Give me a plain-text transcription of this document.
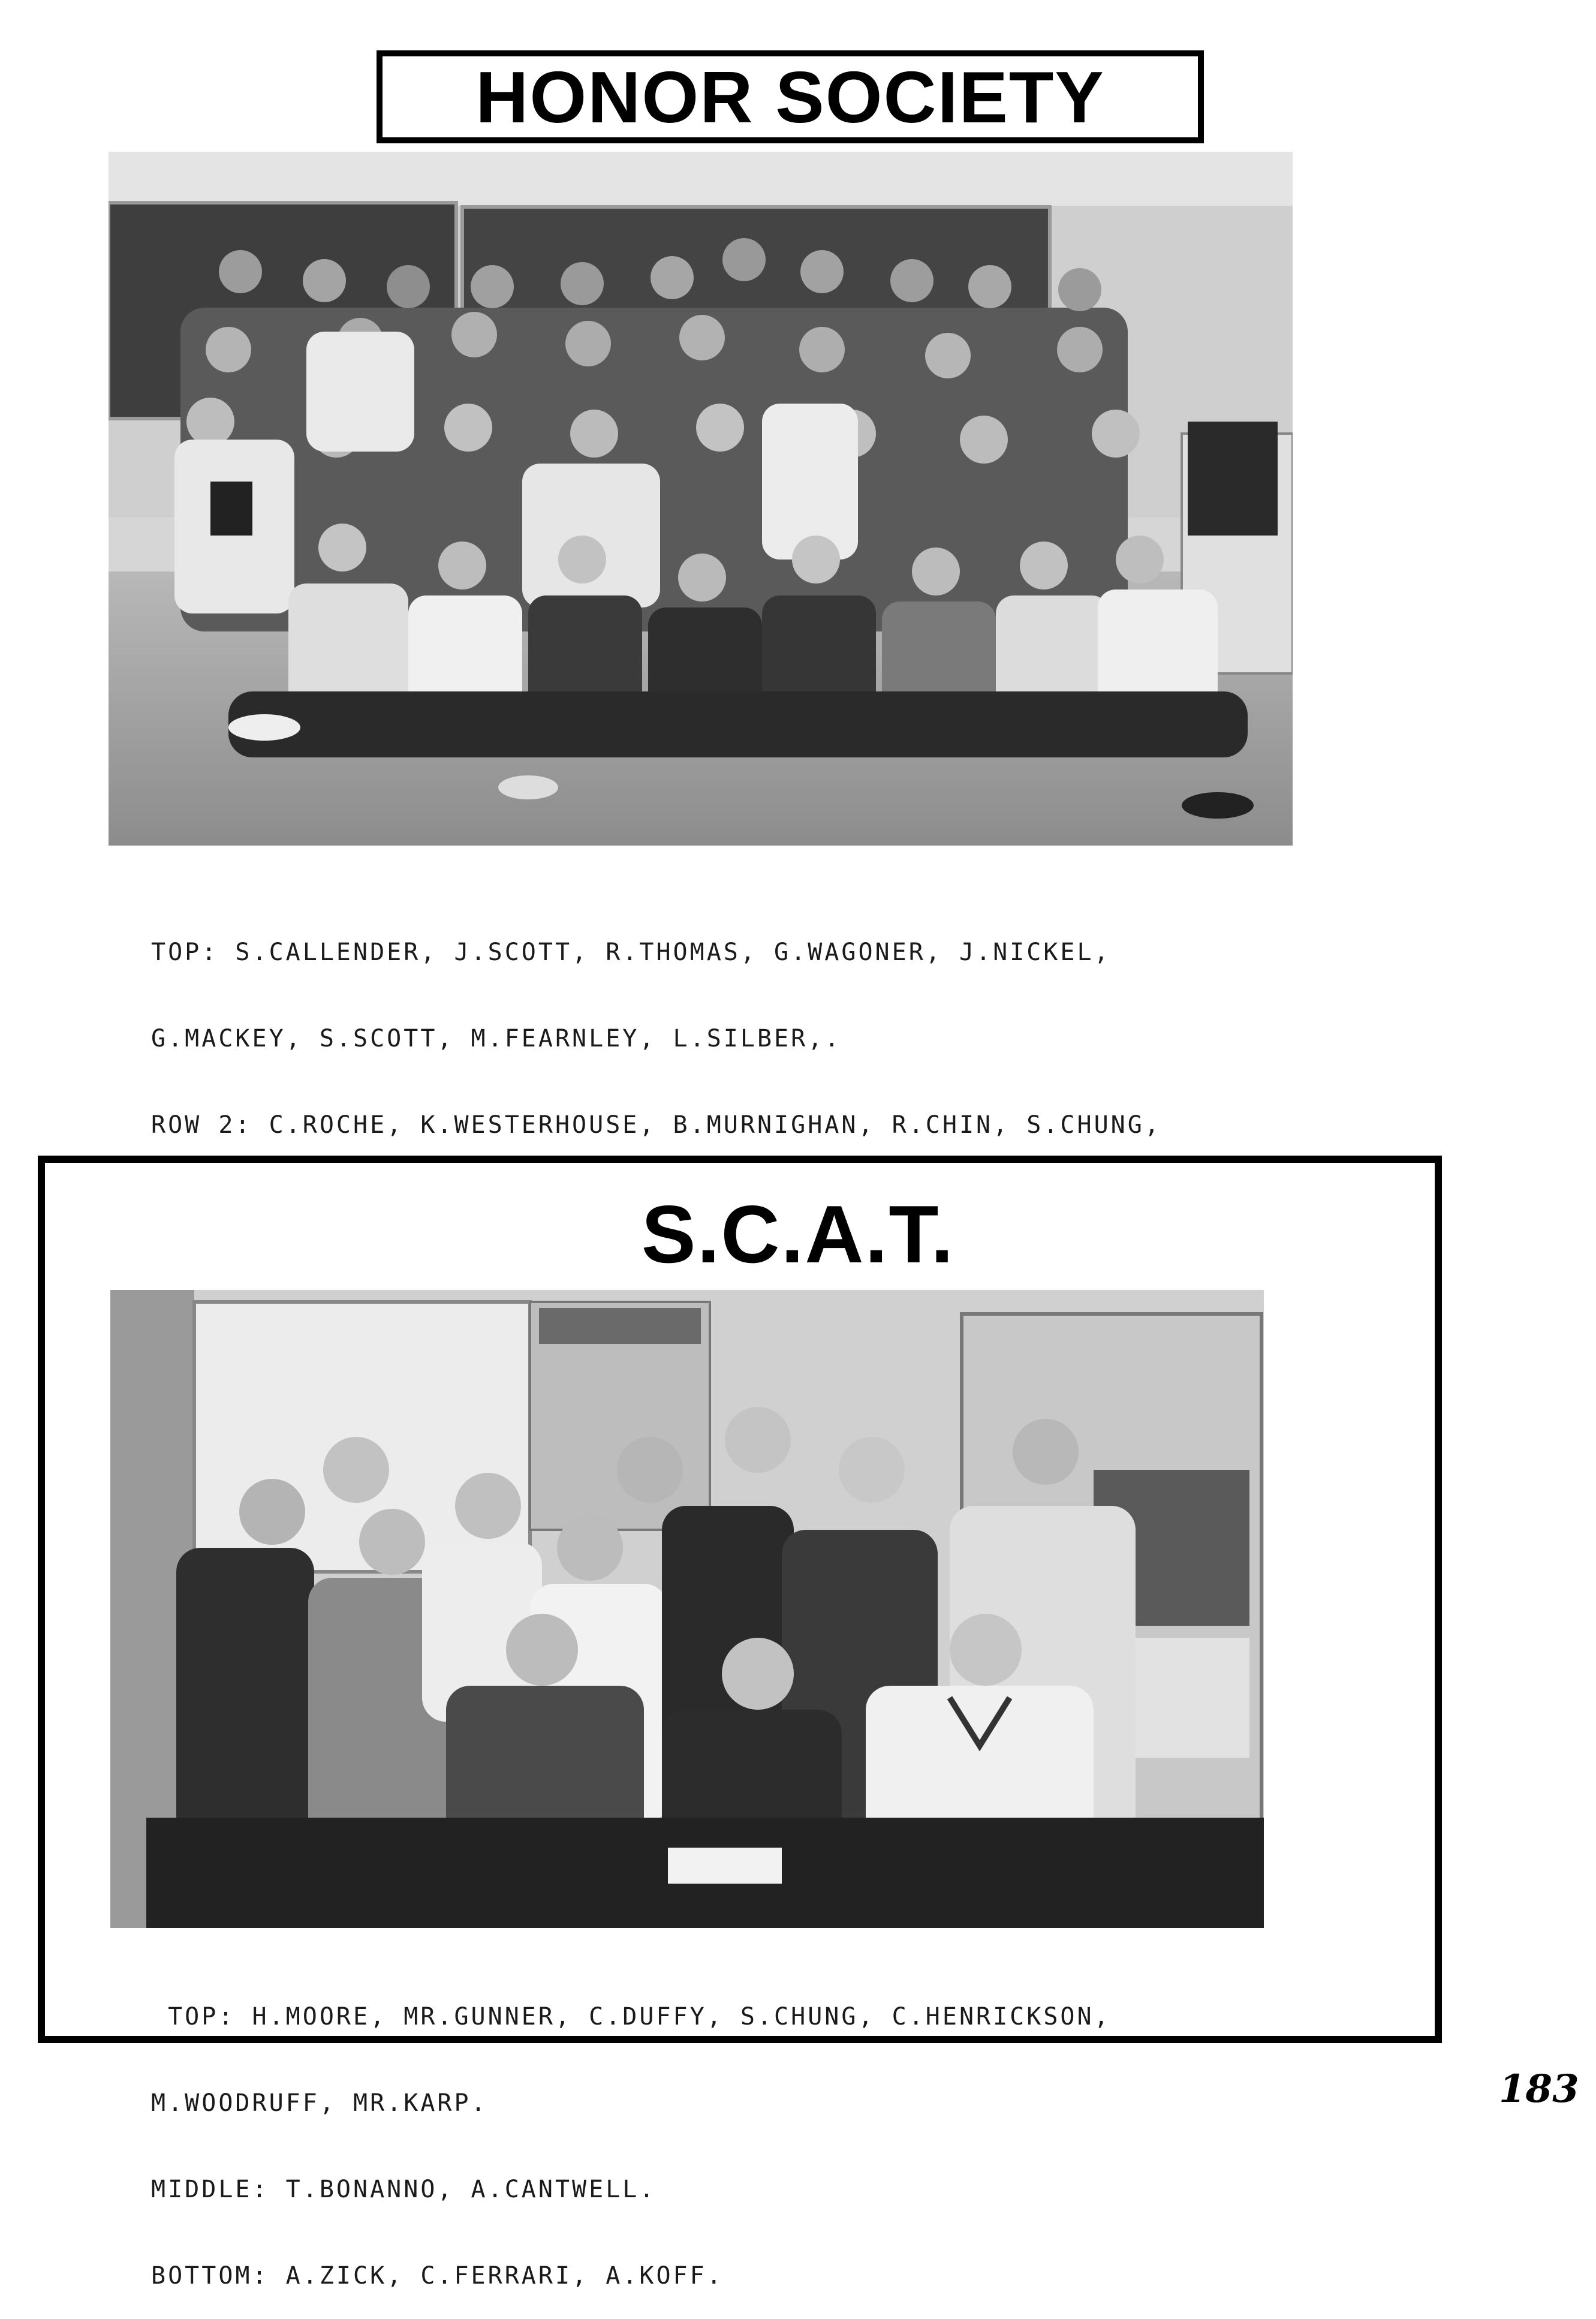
HONOR SOCIETY

TOP: S.CALLENDER, J.SCOTT, R.THOMAS, G.WAGONER, J.NICKEL,

G.MACKEY, S.SCOTT, M.FEARNLEY, L.SILBER,.

ROW 2: C.ROCHE, K.WESTERHOUSE, B.MURNIGHAN, R.CHIN, S.CHUNG,

S.C.A.T.

TOP: H.MOORE, MR.GUNNER, C.DUFFY, S.CHUNG, C.HENRICKSON,

M.WOODRUFF, MR.KARP.

MIDDLE: T.BONANNO, A.CANTWELL.

BOTTOM: A.ZICK, C.FERRARI, A.KOFF.

183
